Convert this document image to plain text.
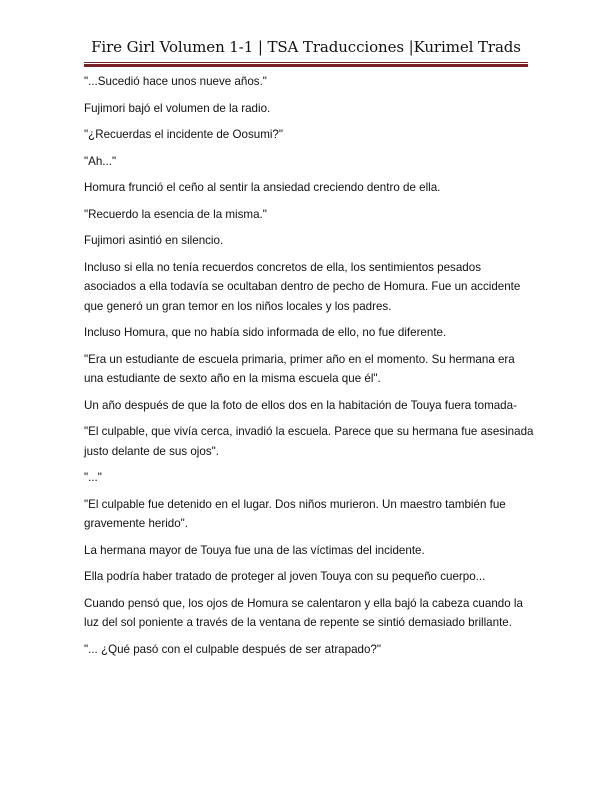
Fire Girl Volumen 1-1 | TSA Traducciones |Kurimel Trads

"...Sucedió hace unos nueve años."

Fujimori bajó el volumen de la radio.

"¿Recuerdas el incidente de Oosumi?"

"Ah..."

Homura frunció el ceño al sentir la ansiedad creciendo dentro de ella.

"Recuerdo la esencia de la misma."

Fujimori asintió en silencio.

Incluso si ella no tenía recuerdos concretos de ella, los sentimientos pesados asociados a ella todavía se ocultaban dentro de pecho de Homura. Fue un accidente que generó un gran temor en los niños locales y los padres.

Incluso Homura, que no había sido informada de ello, no fue diferente.

"Era un estudiante de escuela primaria, primer año en el momento. Su hermana era una estudiante de sexto año en la misma escuela que él".

Un año después de que la foto de ellos dos en la habitación de Touya fuera tomada-

"El culpable, que vivía cerca, invadió la escuela. Parece que su hermana fue asesinada justo delante de sus ojos".

"..."

"El culpable fue detenido en el lugar. Dos niños murieron. Un maestro también fue gravemente herido".

La hermana mayor de Touya fue una de las víctimas del incidente.

Ella podría haber tratado de proteger al joven Touya con su pequeño cuerpo...

Cuando pensó que, los ojos de Homura se calentaron y ella bajó la cabeza cuando la luz del sol poniente a través de la ventana de repente se sintió demasiado brillante.

"... ¿Qué pasó con el culpable después de ser atrapado?"
